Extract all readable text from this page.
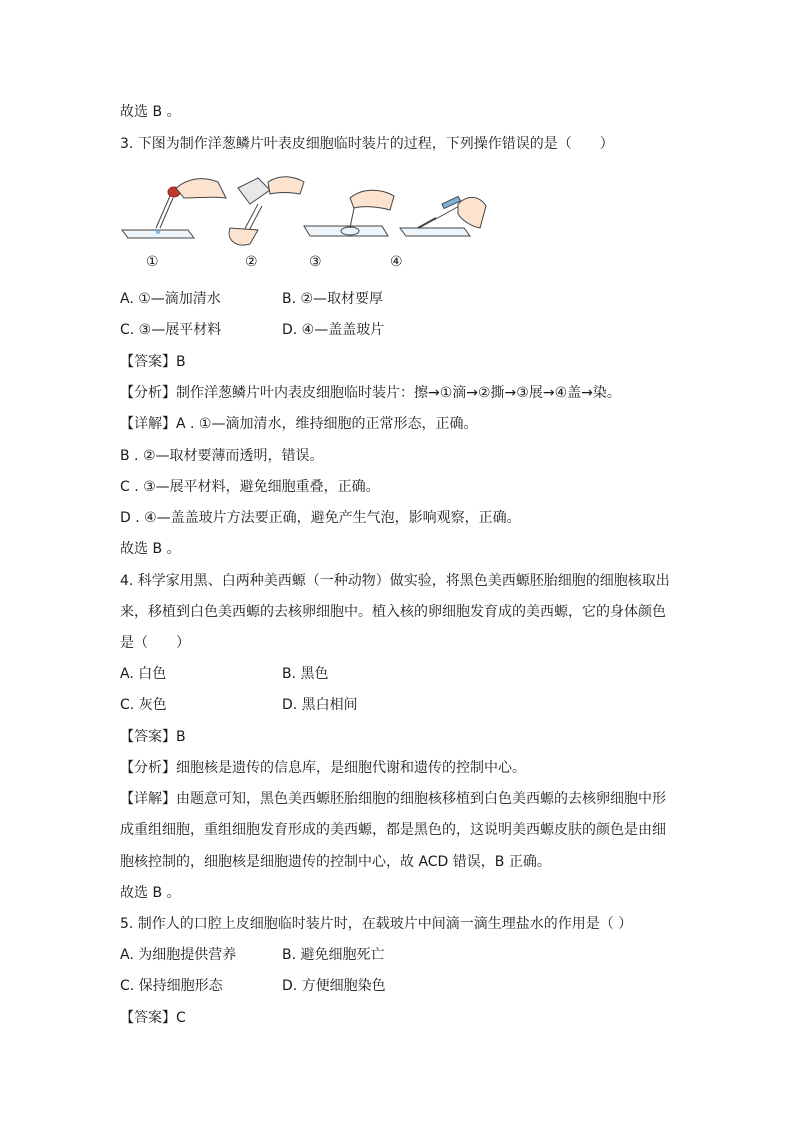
故选 B 。
3. 下图为制作洋葱鳞片叶表皮细胞临时装片的过程，下列操作错误的是（　　）
①	②	③	④
A. ①—滴加清水	B. ②—取材要厚
C. ③—展平材料	D. ④—盖盖玻片
【答案】B
【分析】制作洋葱鳞片叶内表皮细胞临时装片：擦→①滴→②撕→③展→④盖→染。
【详解】A . ①—滴加清水，维持细胞的正常形态，正确。
B . ②—取材要薄而透明，错误。
C . ③—展平材料，避免细胞重叠，正确。
D . ④—盖盖玻片方法要正确，避免产生气泡，影响观察，正确。
故选 B 。
4. 科学家用黑、白两种美西螈（一种动物）做实验，将黑色美西螈胚胎细胞的细胞核取出
来，移植到白色美西螈的去核卵细胞中。植入核的卵细胞发育成的美西螈，它的身体颜色
是（　　）
A. 白色	B. 黑色
C. 灰色	D. 黑白相间
【答案】B
【分析】细胞核是遗传的信息库，是细胞代谢和遗传的控制中心。
【详解】由题意可知，黑色美西螈胚胎细胞的细胞核移植到白色美西螈的去核卵细胞中形
成重组细胞，重组细胞发育形成的美西螈，都是黑色的，这说明美西螈皮肤的颜色是由细
胞核控制的，细胞核是细胞遗传的控制中心，故 ACD 错误，B 正确。
故选 B 。
5. 制作人的口腔上皮细胞临时装片时，在载玻片中间滴一滴生理盐水的作用是（ ）
A. 为细胞提供营养	B. 避免细胞死亡
C. 保持细胞形态	D. 方便细胞染色
【答案】C
